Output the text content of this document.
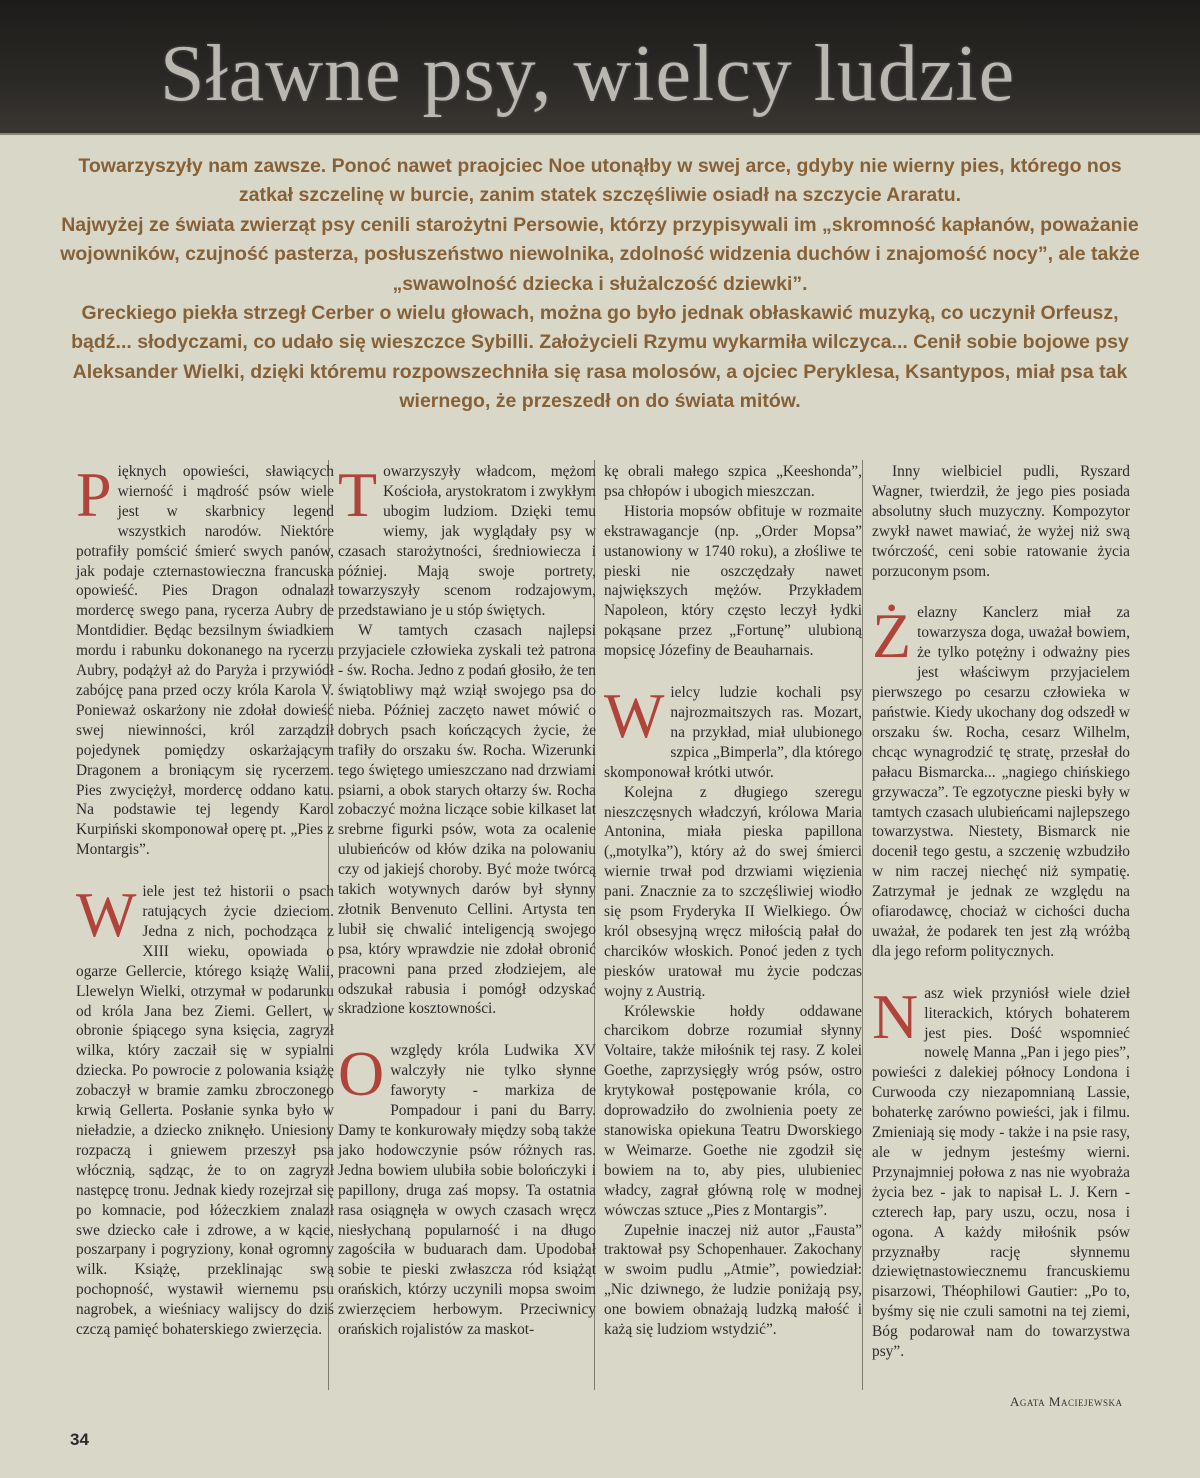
Sławne psy, wielcy ludzie

Towarzyszyły nam zawsze. Ponoć nawet praojciec Noe utonąłby w swej arce, gdyby nie wierny pies, którego nos zatkał szczelinę w burcie, zanim statek szczęśliwie osiadł na szczycie Araratu.

Najwyżej ze świata zwierząt psy cenili starożytni Persowie, którzy przypisywali im „skromność kapłanów, poważanie wojowników, czujność pasterza, posłuszeństwo niewolnika, zdolność widzenia duchów i znajomość nocy”, ale także „swawolność dziecka i służalczość dziewki”.

Greckiego piekła strzegł Cerber o wielu głowach, można go było jednak obłaskawić muzyką, co uczynił Orfeusz, bądź... słodyczami, co udało się wieszczce Sybilli. Założycieli Rzymu wykarmiła wilczyca... Cenił sobie bojowe psy Aleksander Wielki, dzięki któremu rozpowszechniła się rasa molosów, a ojciec Peryklesa, Ksantypos, miał psa tak wiernego, że przeszedł on do świata mitów.

Pięknych opowieści, sławiących wierność i mądrość psów wiele jest w skarbnicy legend wszystkich narodów. Niektóre potrafiły pomścić śmierć swych panów, jak podaje czternastowieczna francuska opowieść. Pies Dragon odnalazł mordercę swego pana, rycerza Aubry de Montdidier. Będąc bezsilnym świadkiem mordu i rabunku dokonanego na rycerzu Aubry, podążył aż do Paryża i przywiódł zabójcę pana przed oczy króla Karola V. Ponieważ oskarżony nie zdołał dowieść swej niewinności, król zarządził pojedynek pomiędzy oskarżającym Dragonem a broniącym się rycerzem. Pies zwyciężył, mordercę oddano katu. Na podstawie tej legendy Karol Kurpiński skomponował operę pt. „Pies z Montargis”.

Wiele jest też historii o psach ratujących życie dzieciom. Jedna z nich, pochodząca z XIII wieku, opowiada o ogarze Gellercie, którego książę Walii, Llewelyn Wielki, otrzymał w podarunku od króla Jana bez Ziemi. Gellert, w obronie śpiącego syna księcia, zagryzł wilka, który zaczaił się w sypialni dziecka. Po powrocie z polowania książę zobaczył w bramie zamku zbroczonego krwią Gellerta. Posłanie synka było w nieładzie, a dziecko zniknęło. Uniesiony rozpaczą i gniewem przeszył psa włócznią, sądząc, że to on zagryzł następcę tronu. Jednak kiedy rozejrzał się po komnacie, pod łóżeczkiem znalazł swe dziecko całe i zdrowe, a w kącie, poszarpany i pogryziony, konał ogromny wilk. Książę, przeklinając swą pochopność, wystawił wiernemu psu nagrobek, a wieśniacy walijscy do dziś czczą pamięć bohaterskiego zwierzęcia.

Towarzyszyły władcom, mężom Kościoła, arystokratom i zwykłym ubogim ludziom. Dzięki temu wiemy, jak wyglądały psy w czasach starożytności, średniowiecza i później. Mają swoje portrety, towarzyszyły scenom rodzajowym, przedstawiano je u stóp świętych.

W tamtych czasach najlepsi przyjaciele człowieka zyskali też patrona - św. Rocha. Jedno z podań głosiło, że ten świątobliwy mąż wziął swojego psa do nieba. Później zaczęto nawet mówić o dobrych psach kończących życie, że trafiły do orszaku św. Rocha. Wizerunki tego świętego umieszczano nad drzwiami psiarni, a obok starych ołtarzy św. Rocha zobaczyć można liczące sobie kilkaset lat srebrne figurki psów, wota za ocalenie ulubieńców od kłów dzika na polowaniu czy od jakiejś choroby. Być może twórcą takich wotywnych darów był słynny złotnik Benvenuto Cellini. Artysta ten lubił się chwalić inteligencją swojego psa, który wprawdzie nie zdołał obronić pracowni pana przed złodziejem, ale odszukał rabusia i pomógł odzyskać skradzione kosztowności.

Owzględy króla Ludwika XV walczyły nie tylko słynne faworyty - markiza de Pompadour i pani du Barry. Damy te konkurowały między sobą także jako hodowczynie psów różnych ras. Jedna bowiem ulubiła sobie bolończyki i papillony, druga zaś mopsy. Ta ostatnia rasa osiągnęła w owych czasach wręcz niesłychaną popularność i na długo zagościła w buduarach dam. Upodobał sobie te pieski zwłaszcza ród książąt orańskich, którzy uczynili mopsa swoim zwierzęciem herbowym. Przeciwnicy orańskich rojalistów za maskot-

kę obrali małego szpica „Keeshonda”, psa chłopów i ubogich mieszczan.

Historia mopsów obfituje w rozmaite ekstrawagancje (np. „Order Mopsa” ustanowiony w 1740 roku), a złośliwe te pieski nie oszczędzały nawet największych mężów. Przykładem Napoleon, który często leczył łydki pokąsane przez „Fortunę” ulubioną mopsicę Józefiny de Beauharnais.

Wielcy ludzie kochali psy najrozmaitszych ras. Mozart, na przykład, miał ulubionego szpica „Bimperla”, dla którego skomponował krótki utwór.

Kolejna z długiego szeregu nieszczęsnych władczyń, królowa Maria Antonina, miała pieska papillona („motylka”), który aż do swej śmierci wiernie trwał pod drzwiami więzienia pani. Znacznie za to szczęśliwiej wiodło się psom Fryderyka II Wielkiego. Ów król obsesyjną wręcz miłością pałał do charcików włoskich. Ponoć jeden z tych piesków uratował mu życie podczas wojny z Austrią.

Królewskie hołdy oddawane charcikom dobrze rozumiał słynny Voltaire, także miłośnik tej rasy. Z kolei Goethe, zaprzysięgły wróg psów, ostro krytykował postępowanie króla, co doprowadziło do zwolnienia poety ze stanowiska opiekuna Teatru Dworskiego w Weimarze. Goethe nie zgodził się bowiem na to, aby pies, ulubieniec władcy, zagrał główną rolę w modnej wówczas sztuce „Pies z Montargis”.

Zupełnie inaczej niż autor „Fausta” traktował psy Schopenhauer. Zakochany w swoim pudlu „Atmie”, powiedział: „Nic dziwnego, że ludzie poniżają psy, one bowiem obnażają ludzką małość i każą się ludziom wstydzić”.

Inny wielbiciel pudli, Ryszard Wagner, twierdził, że jego pies posiada absolutny słuch muzyczny. Kompozytor zwykł nawet mawiać, że wyżej niż swą twórczość, ceni sobie ratowanie życia porzuconym psom.

Żelazny Kanclerz miał za towarzysza doga, uważał bowiem, że tylko potężny i odważny pies jest właściwym przyjacielem pierwszego po cesarzu człowieka w państwie. Kiedy ukochany dog odszedł w orszaku św. Rocha, cesarz Wilhelm, chcąc wynagrodzić tę stratę, przesłał do pałacu Bismarcka... „nagiego chińskiego grzywacza”. Te egzotyczne pieski były w tamtych czasach ulubieńcami najlepszego towarzystwa. Niestety, Bismarck nie docenił tego gestu, a szczenię wzbudziło w nim raczej niechęć niż sympatię. Zatrzymał je jednak ze względu na ofiarodawcę, chociaż w cichości ducha uważał, że podarek ten jest złą wróżbą dla jego reform politycznych.

Nasz wiek przyniósł wiele dzieł literackich, których bohaterem jest pies. Dość wspomnieć nowelę Manna „Pan i jego pies”, powieści z dalekiej północy Londona i Curwooda czy niezapomnianą Lassie, bohaterkę zarówno powieści, jak i filmu. Zmieniają się mody - także i na psie rasy, ale w jednym jesteśmy wierni. Przynajmniej połowa z nas nie wyobraża życia bez - jak to napisał L. J. Kern - czterech łap, pary uszu, oczu, nosa i ogona. A każdy miłośnik psów przyznałby rację słynnemu dziewiętnastowiecznemu francuskiemu pisarzowi, Théophilowi Gautier: „Po to, byśmy się nie czuli samotni na tej ziemi, Bóg podarował nam do towarzystwa psy”.

Agata Maciejewska
34
